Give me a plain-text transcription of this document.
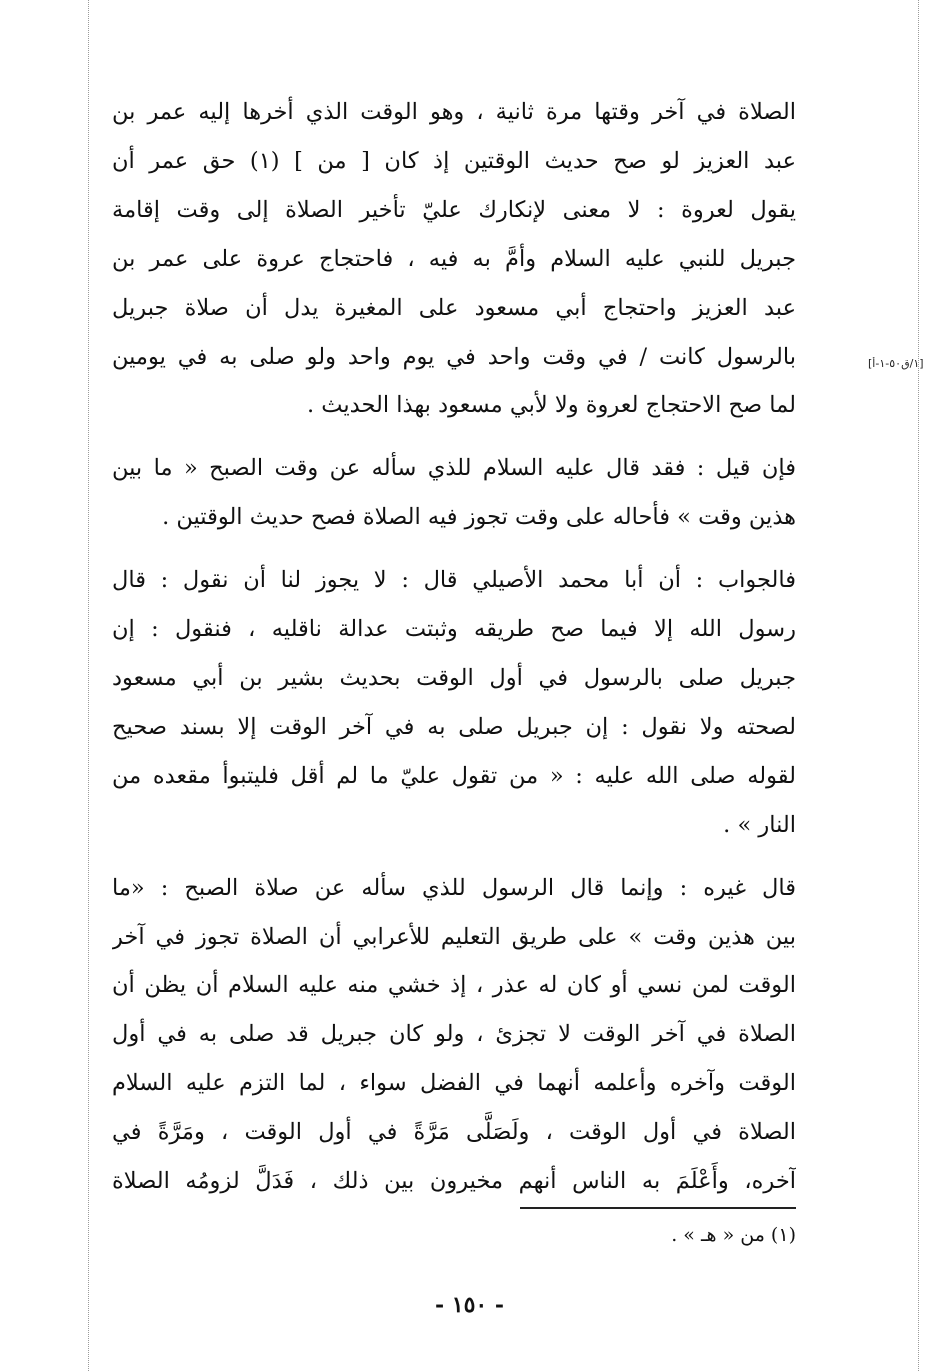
الصلاة في آخر وقتها مرة ثانية ، وهو الوقت الذي أخرها إليه عمر بن
عبد العزيز لو صح حديث الوقتين إذ كان [ من ] (١) حق عمر أن
يقول لعروة : لا معنى لإنكارك عليّ تأخير الصلاة إلى وقت إقامة
جبريل للنبي عليه السلام وأمَّ به فيه ، فاحتجاج عروة على عمر بن
عبد العزيز واحتجاج أبي مسعود على المغيرة يدل أن صلاة جبريل
بالرسول كانت / في وقت واحد في يوم واحد ولو صلى به في يومين
لما صح الاحتجاج لعروة ولا لأبي مسعود بهذا الحديث .

فإن قيل : فقد قال عليه السلام للذي سأله عن وقت الصبح « ما بين
هذين وقت » فأحاله على وقت تجوز فيه الصلاة فصح حديث الوقتين .

فالجواب : أن أبا محمد الأصيلي قال : لا يجوز لنا أن نقول : قال
رسول الله إلا فيما صح طريقه وثبتت عدالة ناقليه ، فنقول : إن
جبريل صلى بالرسول في أول الوقت بحديث بشير بن أبي مسعود
لصحته ولا نقول : إن جبريل صلى به في آخر الوقت إلا بسند صحيح
لقوله صلى الله عليه : « من تقول عليّ ما لم أقل فليتبوأ مقعده من
النار » .

قال غيره : وإنما قال الرسول للذي سأله عن صلاة الصبح : «ما
بين هذين وقت » على طريق التعليم للأعرابي أن الصلاة تجوز في آخر
الوقت لمن نسي أو كان له عذر ، إذ خشي منه عليه السلام أن يظن أن
الصلاة في آخر الوقت لا تجزئ ، ولو كان جبريل قد صلى به في أول
الوقت وآخره وأعلمه أنهما في الفضل سواء ، لما التزم عليه السلام
الصلاة في أول الوقت ، ولَصَلَّى مَرَّةً في أول الوقت ، ومَرَّةً في
آخره، وأَعْلَمَ به الناس أنهم مخيرون بين ذلك ، فَدَلَّ لزومُه الصلاة

[١/ق٥٠-١-أ]
(١) من « هـ » .
- ١٥٠ -
